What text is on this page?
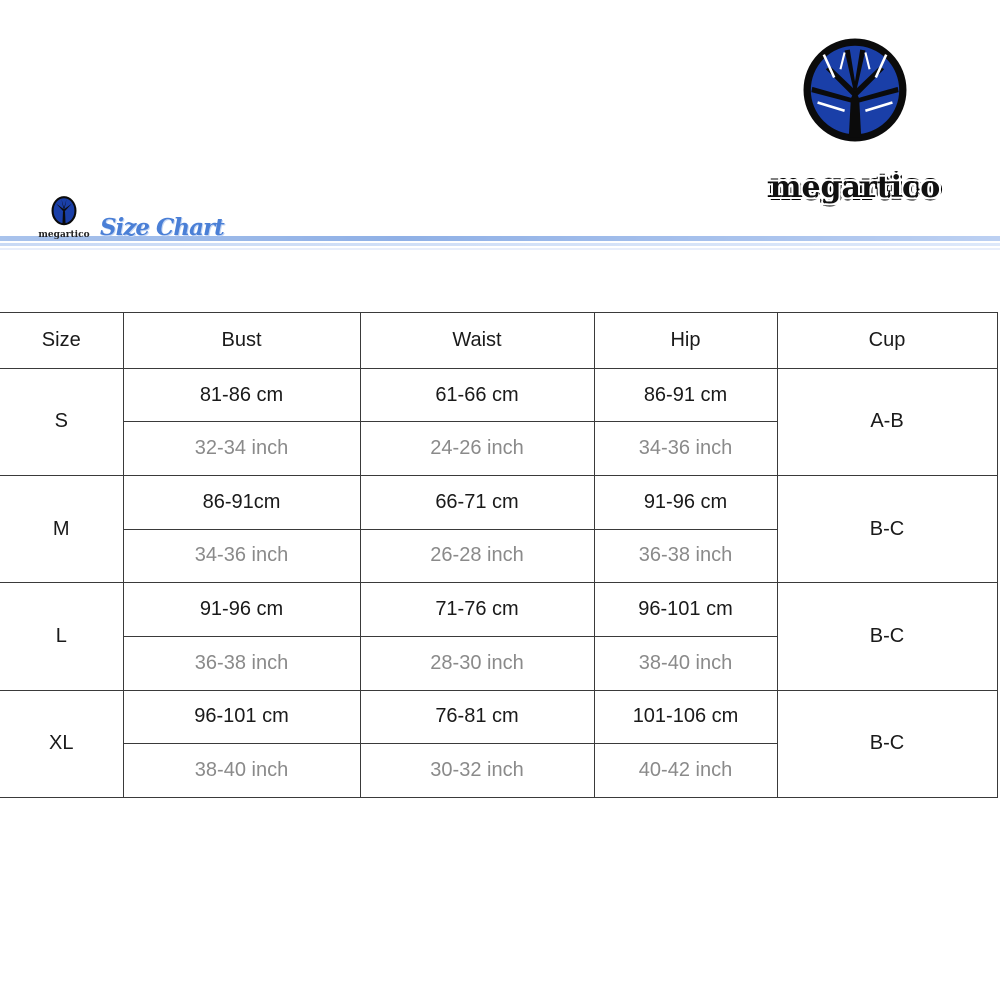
megartico
megartico Size Chart
Size	Bust	Waist	Hip	Cup
S	81-86 cm	61-66 cm	86-91 cm	A-B
	32-34 inch	24-26 inch	34-36 inch	
M	86-91cm	66-71 cm	91-96 cm	B-C
	34-36 inch	26-28 inch	36-38 inch	
L	91-96 cm	71-76 cm	96-101 cm	B-C
	36-38 inch	28-30 inch	38-40 inch	
XL	96-101 cm	76-81 cm	101-106 cm	B-C
	38-40 inch	30-32 inch	40-42 inch	
